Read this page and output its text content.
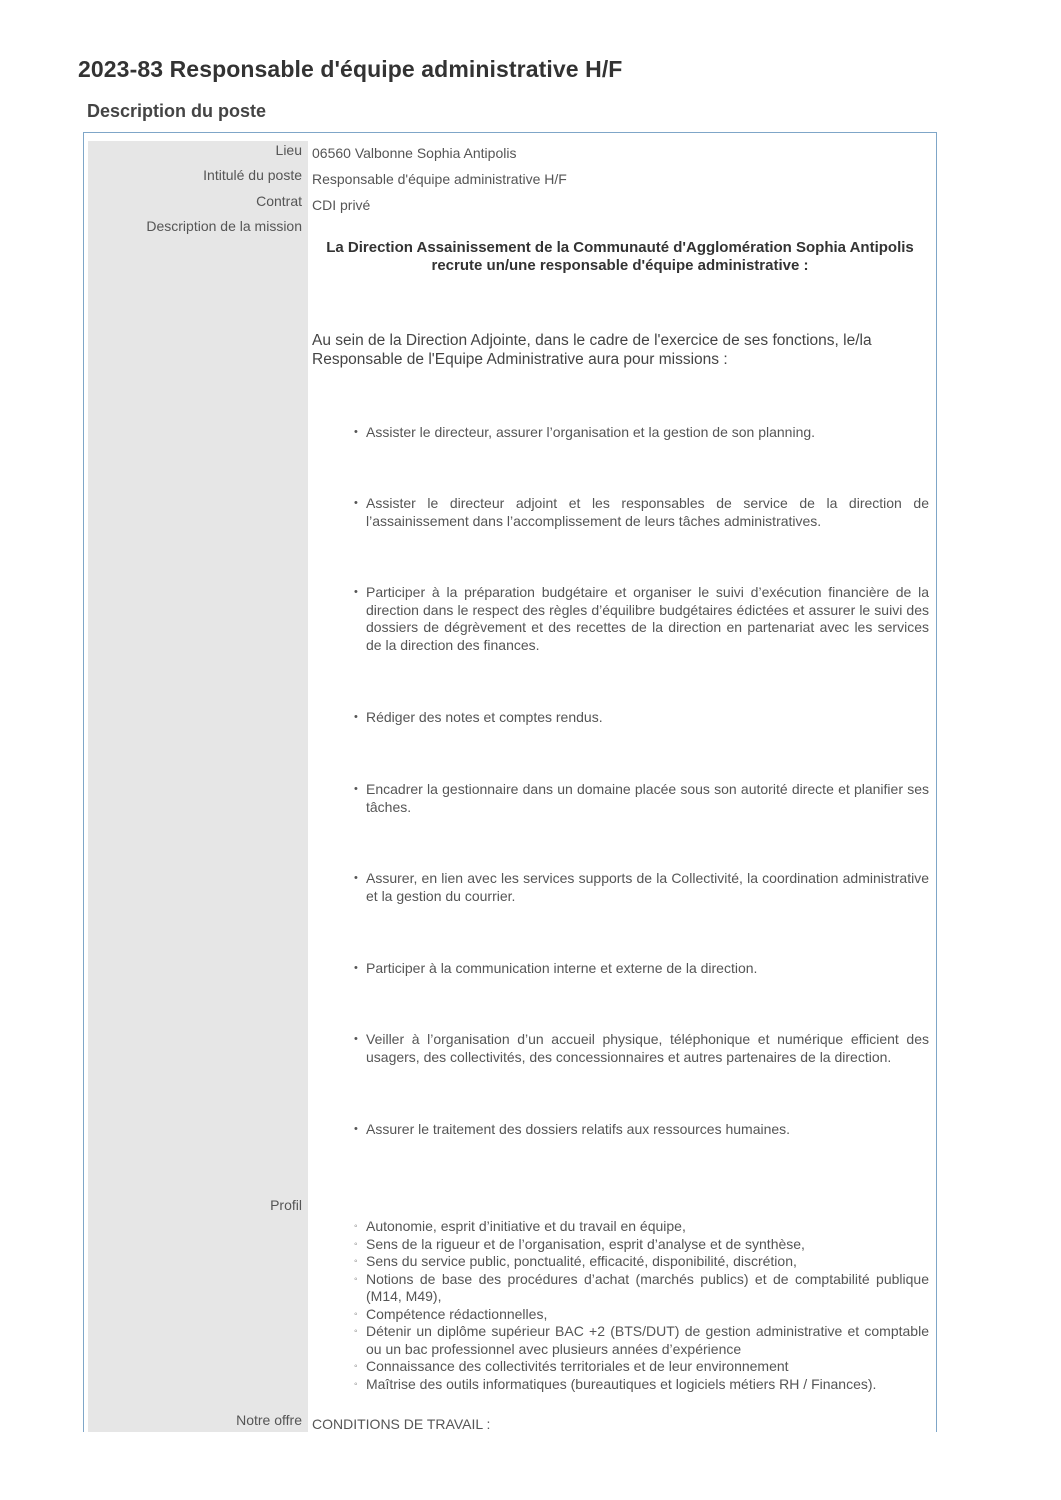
2023-83 Responsable d'équipe administrative H/F
Description du poste
Lieu 06560 Valbonne Sophia Antipolis
Intitulé du poste Responsable d'équipe administrative H/F
Contrat CDI privé
Description de la mission
La Direction Assainissement de la Communauté d'Agglomération Sophia Antipolis recrute un/une responsable d'équipe administrative :
Au sein de la Direction Adjointe, dans le cadre de l'exercice de ses fonctions, le/la Responsable de l'Equipe Administrative aura pour missions :
• Assister le directeur, assurer l’organisation et la gestion de son planning.
• Assister le directeur adjoint et les responsables de service de la direction de l’assainissement dans l’accomplissement de leurs tâches administratives.
• Participer à la préparation budgétaire et organiser le suivi d’exécution financière de la direction dans le respect des règles d’équilibre budgétaires édictées et assurer le suivi des dossiers de dégrèvement et des recettes de la direction en partenariat avec les services de la direction des finances.
• Rédiger des notes et comptes rendus.
• Encadrer la gestionnaire dans un domaine placée sous son autorité directe et planifier ses tâches.
• Assurer, en lien avec les services supports de la Collectivité, la coordination administrative et la gestion du courrier.
• Participer à la communication interne et externe de la direction.
• Veiller à l’organisation d’un accueil physique, téléphonique et numérique efficient des usagers, des collectivités, des concessionnaires et autres partenaires de la direction.
• Assurer le traitement des dossiers relatifs aux ressources humaines.
Profil
◦ Autonomie, esprit d’initiative et du travail en équipe,
◦ Sens de la rigueur et de l’organisation, esprit d’analyse et de synthèse,
◦ Sens du service public, ponctualité, efficacité, disponibilité, discrétion,
◦ Notions de base des procédures d’achat (marchés publics) et de comptabilité publique (M14, M49),
◦ Compétence rédactionnelles,
◦ Détenir un diplôme supérieur BAC +2 (BTS/DUT) de gestion administrative et comptable ou un bac professionnel avec plusieurs années d’expérience
◦ Connaissance des collectivités territoriales et de leur environnement
◦ Maîtrise des outils informatiques (bureautiques et logiciels métiers RH / Finances).
Notre offre CONDITIONS DE TRAVAIL :
